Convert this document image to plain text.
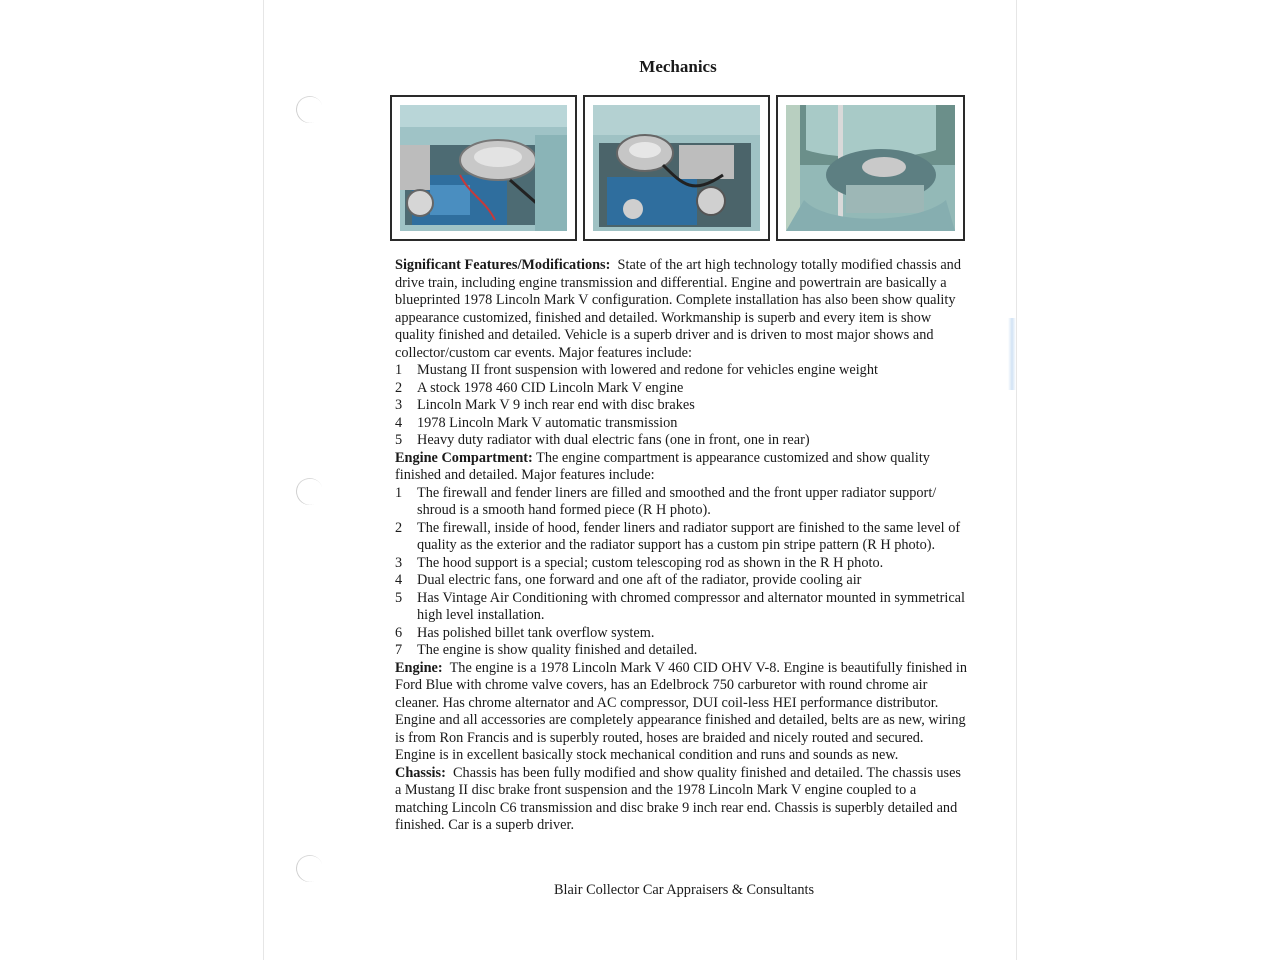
Mechanics

Significant Features/Modifications: State of the art high technology totally modified chassis and drive train, including engine transmission and differential. Engine and powertrain are basically a blueprinted 1978 Lincoln Mark V configuration. Complete installation has also been show quality appearance customized, finished and detailed. Workmanship is superb and every item is show quality finished and detailed. Vehicle is a superb driver and is driven to most major shows and collector/custom car events. Major features include:

1	Mustang II front suspension with lowered and redone for vehicles engine weight
2	A stock 1978 460 CID Lincoln Mark V engine
3	Lincoln Mark V 9 inch rear end with disc brakes
4	1978 Lincoln Mark V automatic transmission
5	Heavy duty radiator with dual electric fans (one in front, one in rear)

Engine Compartment: The engine compartment is appearance customized and show quality finished and detailed. Major features include:

1	The firewall and fender liners are filled and smoothed and the front upper radiator support/ shroud is a smooth hand formed piece (R H photo).
2	The firewall, inside of hood, fender liners and radiator support are finished to the same level of quality as the exterior and the radiator support has a custom pin stripe pattern (R H photo).
3	The hood support is a special; custom telescoping rod as shown in the R H photo.
4	Dual electric fans, one forward and one aft of the radiator, provide cooling air
5	Has Vintage Air Conditioning with chromed compressor and alternator mounted in symmetrical high level installation.
6	Has polished billet tank overflow system.
7	The engine is show quality finished and detailed.

Engine: The engine is a 1978 Lincoln Mark V 460 CID OHV V-8. Engine is beautifully finished in Ford Blue with chrome valve covers, has an Edelbrock 750 carburetor with round chrome air cleaner. Has chrome alternator and AC compressor, DUI coil-less HEI performance distributor. Engine and all accessories are completely appearance finished and detailed, belts are as new, wiring is from Ron Francis and is superbly routed, hoses are braided and nicely routed and secured. Engine is in excellent basically stock mechanical condition and runs and sounds as new.

Chassis: Chassis has been fully modified and show quality finished and detailed. The chassis uses a Mustang II disc brake front suspension and the 1978 Lincoln Mark V engine coupled to a matching Lincoln C6 transmission and disc brake 9 inch rear end. Chassis is superbly detailed and finished. Car is a superb driver.

Blair Collector Car Appraisers & Consultants
